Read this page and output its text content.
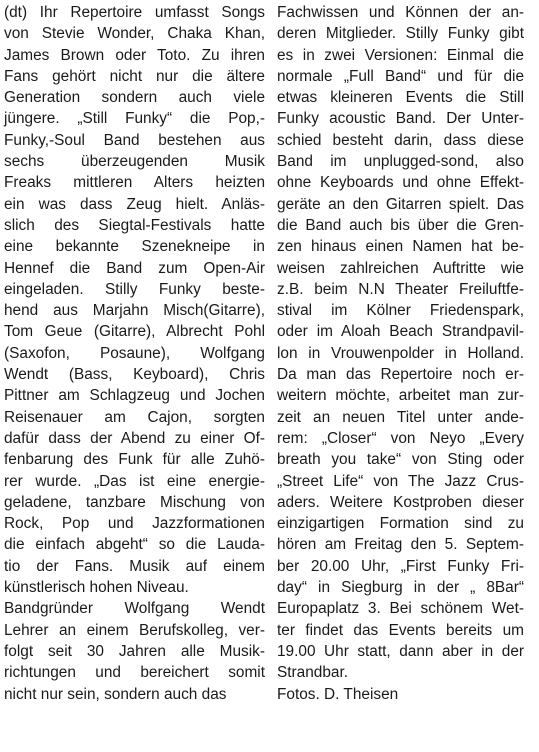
(dt) Ihr Repertoire umfasst Songs
von Stevie Wonder, Chaka Khan,
James Brown oder Toto. Zu ihren
Fans gehört nicht nur die ältere
Generation sondern auch viele
jüngere. „Still Funky“ die Pop,-
Funky,-Soul Band bestehen aus
sechs überzeugenden Musik
Freaks mittleren Alters heizten
ein was dass Zeug hielt. Anläs-
slich des Siegtal-Festivals hatte
eine bekannte Szenekneipe in
Hennef die Band zum Open-Air
eingeladen. Stilly Funky beste-
hend aus Marjahn Misch(Gitarre),
Tom Geue (Gitarre), Albrecht Pohl
(Saxofon, Posaune), Wolfgang
Wendt (Bass, Keyboard), Chris
Pittner am Schlagzeug und Jochen
Reisenauer am Cajon, sorgten
dafür dass der Abend zu einer Of-
fenbarung des Funk für alle Zuhö-
rer wurde. „Das ist eine energie-
geladene, tanzbare Mischung von
Rock, Pop und Jazzformationen
die einfach abgeht“ so die Lauda-
tio der Fans. Musik auf einem
künstlerisch hohen Niveau.
Bandgründer Wolfgang Wendt
Lehrer an einem Berufskolleg, ver-
folgt seit 30 Jahren alle Musik-
richtungen und bereichert somit
nicht nur sein, sondern auch das
Fachwissen und Können der an-
deren Mitglieder. Stilly Funky gibt
es in zwei Versionen: Einmal die
normale „Full Band“ und für die
etwas kleineren Events die Still
Funky acoustic Band. Der Unter-
schied besteht darin, dass diese
Band im unplugged-sond, also
ohne Keyboards und ohne Effekt-
geräte an den Gitarren spielt. Das
die Band auch bis über die Gren-
zen hinaus einen Namen hat be-
weisen zahlreichen Auftritte wie
z.B. beim N.N Theater Freiluftfe-
stival im Kölner Friedenspark,
oder im Aloah Beach Strandpavil-
lon in Vrouwenpolder in Holland.
Da man das Repertoire noch er-
weitern möchte, arbeitet man zur-
zeit an neuen Titel unter ande-
rem: „Closer“ von Neyo „Every
breath you take“ von Sting oder
„Street Life“ von The Jazz Crus-
aders. Weitere Kostproben dieser
einzigartigen Formation sind zu
hören am Freitag den 5. Septem-
ber 20.00 Uhr, „First Funky Fri-
day“ in Siegburg in der „ 8Bar“
Europaplatz 3. Bei schönem Wet-
ter findet das Events bereits um
19.00 Uhr statt, dann aber in der
Strandbar.
Fotos. D. Theisen
